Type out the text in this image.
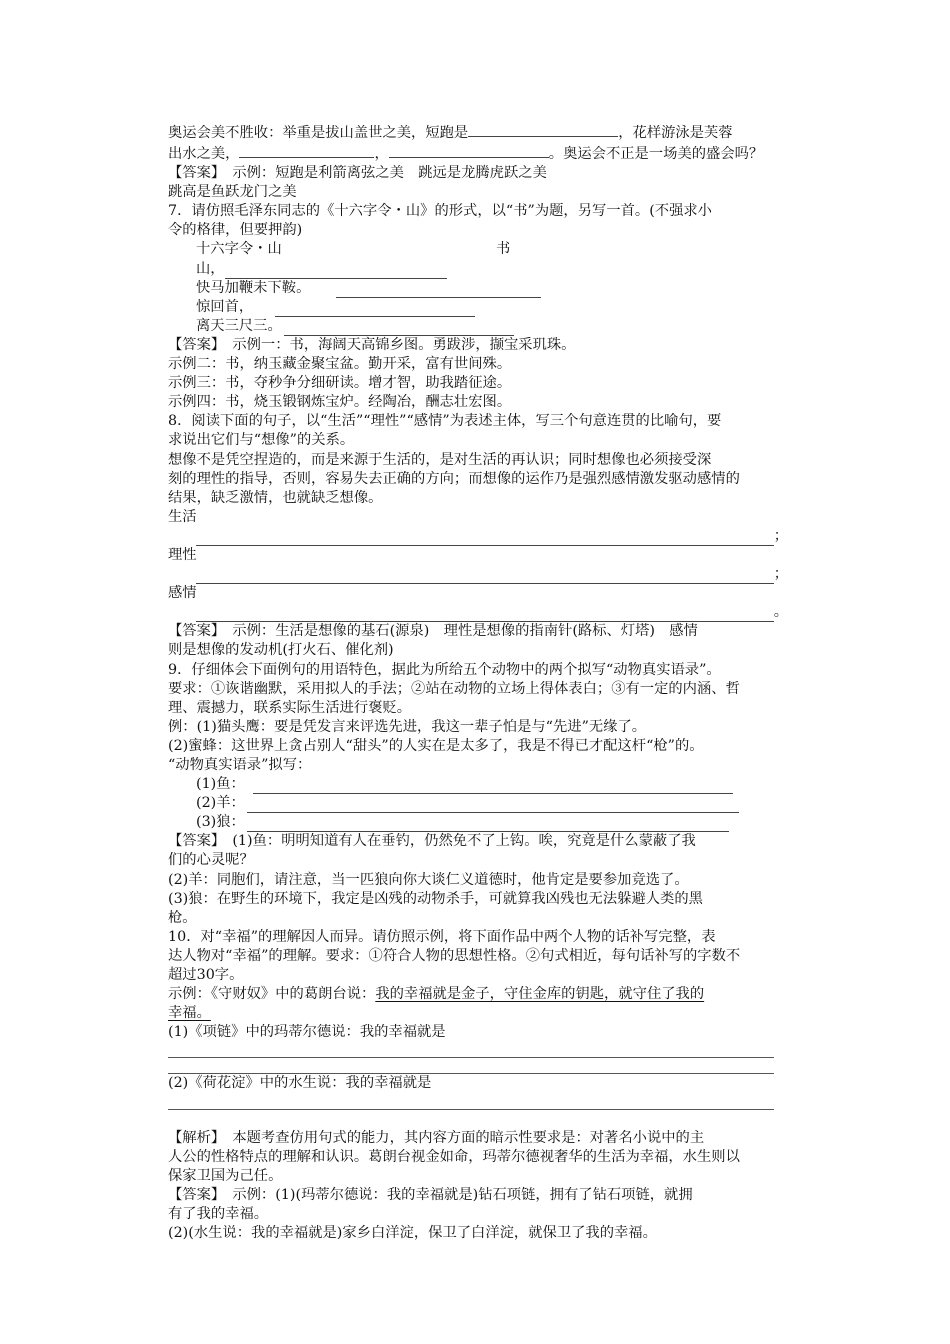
奥运会美不胜收：举重是拔山盖世之美，短跑是	，花样游泳是芙蓉

出水之美，	，	。奥运会不正是一场美的盛会吗？

【答案】　 示例：短跑是利箭离弦之美　跳远是龙腾虎跃之美

跳高是鱼跃龙门之美

7．请仿照毛泽东同志的《十六字令・山》的形式，以“书”为题，另写一首。(不强求小

令的格律，但要押韵)

十六字令・山	书
山，
快马加鞭未下鞍。
惊回首，
离天三尺三。

【答案】　 示例一：书，海阔天高锦乡图。勇跋涉，撷宝采玑珠。

示例二：书，纳玉藏金聚宝盆。勤开采，富有世间殊。

示例三：书，夺秒争分细研读。增才智，助我踏征途。

示例四：书，烧玉锻钢炼宝炉。经陶冶，酬志壮宏图。

8．阅读下面的句子，以“生活”“理性”“感情”为表述主体，写三个句意连贯的比喻句，要

求说出它们与“想像”的关系。

想像不是凭空捏造的，而是来源于生活的，是对生活的再认识；同时想像也必须接受深

刻的理性的指导，否则，容易失去正确的方向；而想像的运作乃是强烈感情激发驱动感情的

结果，缺乏激情，也就缺乏想像。

生活

；

理性

；

感情

。

【答案】　 示例：生活是想像的基石(源泉)　理性是想像的指南针(路标、灯塔)　感情

则是想像的发动机(打火石、催化剂)

9．仔细体会下面例句的用语特色，据此为所给五个动物中的两个拟写“动物真实语录”。

要求：①诙谐幽默，采用拟人的手法；②站在动物的立场上得体表白；③有一定的内涵、哲

理、震撼力，联系实际生活进行褒贬。

例：(1)猫头鹰：要是凭发言来评选先进，我这一辈子怕是与“先进”无缘了。

(2)蜜蜂：这世界上贪占别人“甜头”的人实在是太多了，我是不得已才配这杆“枪”的。

“动物真实语录”拟写：

(1)鱼：
(2)羊：
(3)狼：

【答案】　 (1)鱼：明明知道有人在垂钓，仍然免不了上钩。唉，究竟是什么蒙蔽了我

们的心灵呢？

(2)羊：同胞们，请注意，当一匹狼向你大谈仁义道德时，他肯定是要参加竞选了。

(3)狼：在野生的环境下，我定是凶残的动物杀手，可就算我凶残也无法躲避人类的黑

枪。

10．对“幸福”的理解因人而异。请仿照示例，将下面作品中两个人物的话补写完整，表

达人物对“幸福”的理解。要求：①符合人物的思想性格。②句式相近，每句话补写的字数不

超过30字。

示例：《守财奴》中的葛朗台说：我的幸福就是金子，守住金库的钥匙，就守住了我的

幸福。

(1)《项链》中的玛蒂尔德说：我的幸福就是

(2)《荷花淀》中的水生说：我的幸福就是

【解析】　 本题考查仿用句式的能力，其内容方面的暗示性要求是：对著名小说中的主

人公的性格特点的理解和认识。葛朗台视金如命，玛蒂尔德视奢华的生活为幸福，水生则以

保家卫国为己任。

【答案】　 示例：(1)(玛蒂尔德说：我的幸福就是)钻石项链，拥有了钻石项链，就拥

有了我的幸福。

(2)(水生说：我的幸福就是)家乡白洋淀，保卫了白洋淀，就保卫了我的幸福。
